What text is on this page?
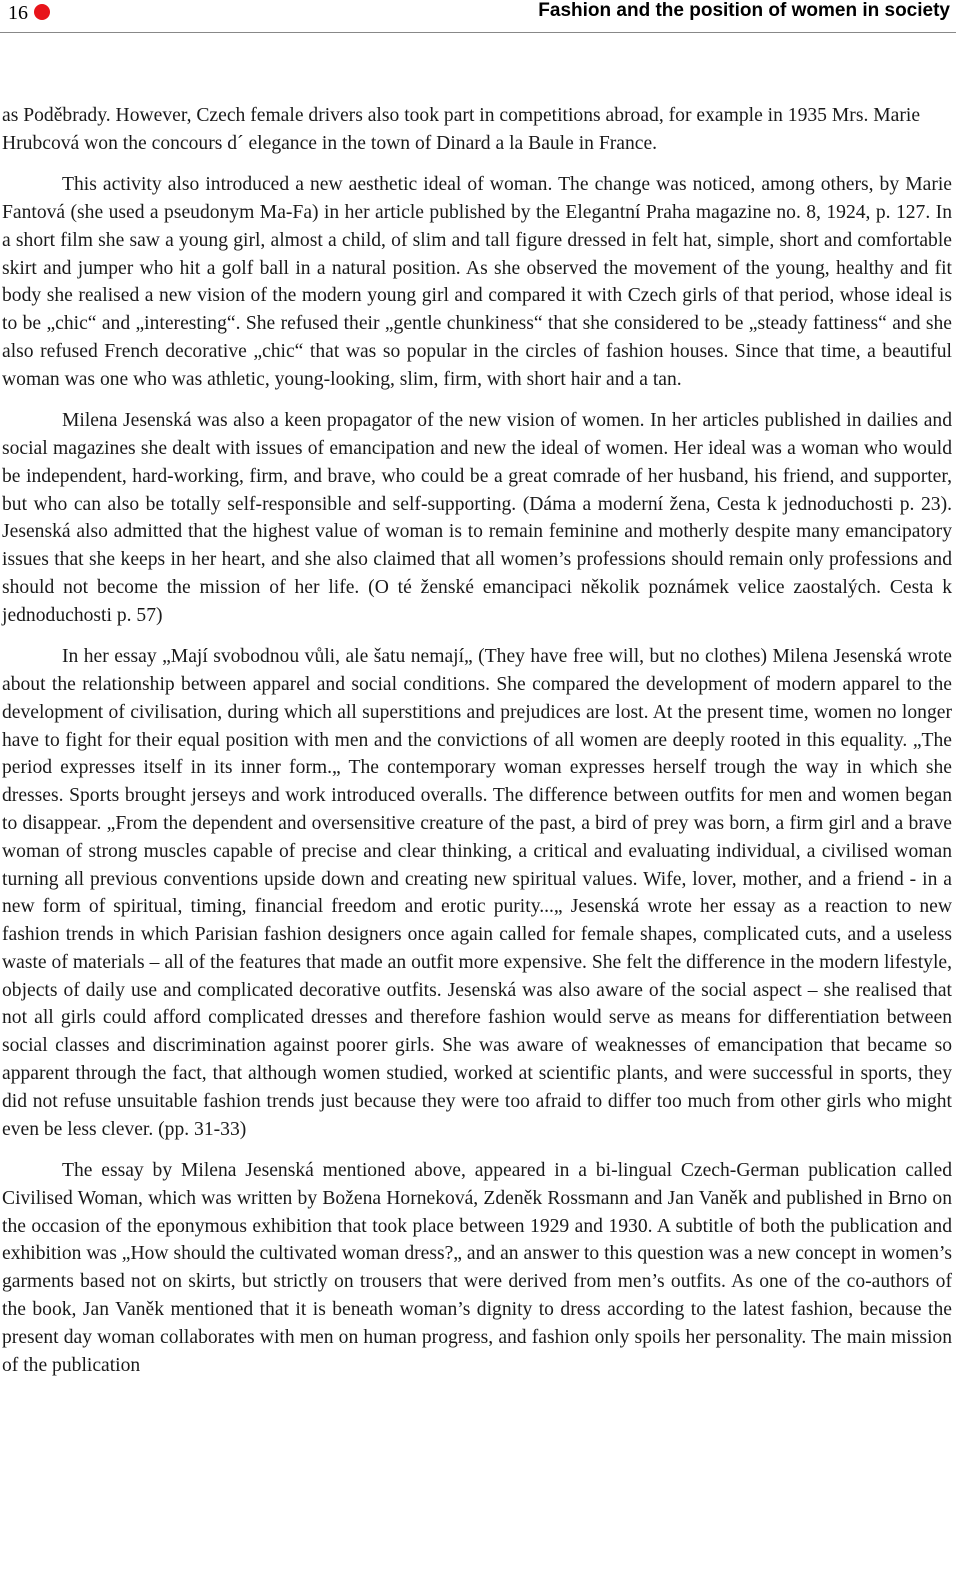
16	Fashion and the position of women in society

as Poděbrady. However, Czech female drivers also took part in competitions abroad, for example in 1935 Mrs. Marie Hrubcová won the concours d´ elegance in the town of Dinard a la Baule in France.

This activity also introduced a new aesthetic ideal of woman. The change was noticed, among others, by Marie Fantová (she used a pseudonym Ma-Fa) in her article published by the Elegantní Praha magazine no. 8, 1924, p. 127. In a short film she saw a young girl, almost a child, of slim and tall figure dressed in felt hat, simple, short and comfortable skirt and jumper who hit a golf ball in a natural position. As she observed the movement of the young, healthy and fit body she realised a new vision of the modern young girl and compared it with Czech girls of that period, whose ideal is to be „chic“ and „interesting“. She refused their „gentle chunkiness“ that she considered to be „steady fattiness“ and she also refused French decorative „chic“ that was so popular in the circles of fashion houses. Since that time, a beautiful woman was one who was athletic, young-looking, slim, firm, with short hair and a tan.

Milena Jesenská was also a keen propagator of the new vision of women. In her articles published in dailies and social magazines she dealt with issues of emancipation and new the ideal of women. Her ideal was a woman who would be independent, hard-working, firm, and brave, who could be a great comrade of her husband, his friend, and supporter, but who can also be totally self-responsible and self-supporting. (Dáma a moderní žena, Cesta k jednoduchosti p. 23). Jesenská also admitted that the highest value of woman is to remain feminine and motherly despite many emancipatory issues that she keeps in her heart, and she also claimed that all women’s professions should remain only professions and should not become the mission of her life. (O té ženské emancipaci několik poznámek velice zaostalých. Cesta k jednoduchosti p. 57)

In her essay „Mají svobodnou vůli, ale šatu nemají„ (They have free will, but no clothes) Milena Jesenská wrote about the relationship between apparel and social conditions. She compared the development of modern apparel to the development of civilisation, during which all superstitions and prejudices are lost. At the present time, women no longer have to fight for their equal position with men and the convictions of all women are deeply rooted in this equality. „The period expresses itself in its inner form.„ The contemporary woman expresses herself trough the way in which she dresses. Sports brought jerseys and work introduced overalls. The difference between outfits for men and women began to disappear. „From the dependent and oversensitive creature of the past, a bird of prey was born, a firm girl and a brave woman of strong muscles capable of precise and clear thinking, a critical and evaluating individual, a civilised woman turning all previous conventions upside down and creating new spiritual values. Wife, lover, mother, and a friend - in a new form of spiritual, timing, financial freedom and erotic purity...„ Jesenská wrote her essay as a reaction to new fashion trends in which Parisian fashion designers once again called for female shapes, complicated cuts, and a useless waste of materials – all of the features that made an outfit more expensive. She felt the difference in the modern lifestyle, objects of daily use and complicated decorative outfits. Jesenská was also aware of the social aspect – she realised that not all girls could afford complicated dresses and therefore fashion would serve as means for differentiation between social classes and discrimination against poorer girls. She was aware of weaknesses of emancipation that became so apparent through the fact, that although women studied, worked at scientific plants, and were successful in sports, they did not refuse unsuitable fashion trends just because they were too afraid to differ too much from other girls who might even be less clever. (pp. 31-33)

The essay by Milena Jesenská mentioned above, appeared in a bi-lingual Czech-German publication called Civilised Woman, which was written by Božena Horneková, Zdeněk Rossmann and Jan Vaněk and published in Brno on the occasion of the eponymous exhibition that took place between 1929 and 1930. A subtitle of both the publication and exhibition was „How should the cultivated woman dress?„ and an answer to this question was a new concept in women’s garments based not on skirts, but strictly on trousers that were derived from men’s outfits. As one of the co-authors of the book, Jan Vaněk mentioned that it is beneath woman’s dignity to dress according to the latest fashion, because the present day woman collaborates with men on human progress, and fashion only spoils her personality. The main mission of the publication
